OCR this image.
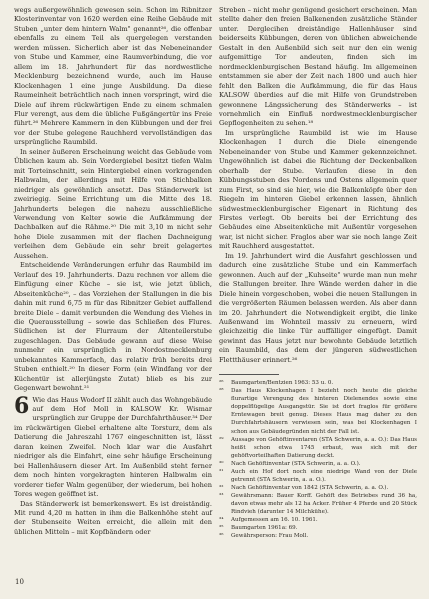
wegs außergewöhnlich gewesen sein. Schon im Ribnitzer Klosterinventar von 1620 werden eine Reihe Gebäude mit Stuben „unter dem hintern Walm" genannt²⁶, die offenbar ebenfalls zu einem Teil als quergelegen verstanden werden müssen. Sicherlich aber ist das Nebeneinander von Stube und Kammer, eine Raumverbindung, die vor allem im 18. Jahrhundert für das nordwestliche Mecklenburg bezeichnend wurde, auch im Hause Klockenhagen 1 eine junge Ausbildung. Da diese Raumeinheit beträchtlich nach innen vorspringt, wird die Diele auf ihrem rückwärtigen Ende zu einem schmalen Flur verengt, aus dem die übliche Fußgängertür ins Freie führt.²⁶ Mehrere Kammern in den Kübbungen und der frei vor der Stube gelegene Rauchherd vervollständigen das ursprüngliche Raumbild.

In seiner äußeren Erscheinung weicht das Gebäude vom Üblichen kaum ab. Sein Vordergiebel besitzt tiefen Walm mit Torteinschnitt, sein Hintergiebel einen vorkragenden Halbwalm, der allerdings mit Hilfe von Stichbalken niedriger als gewöhnlich ansetzt. Das Ständerwerk ist zweiriegig. Seine Errichtung um die Mitte des 18. Jahrhunderts belegen die nahezu ausschließliche Verwendung von Kelter sowie die Aufkämmung der Dachbalken auf die Rähme.²⁰ Die mit 3,10 m nicht sehr hohe Diele zusammen mit der flachen Dachneigung verleihen dem Gebäude ein sehr breit gelagertes Aussehen.

Entscheidende Veränderungen erfuhr das Raumbild im Verlauf des 19. Jahrhunderts. Dazu rechnen vor allem die Einfügung einer Küche – sie ist, wie jetzt üblich, Abseitenküche²⁰, – das Vorziehen der Stallungen in die bis dahin mit rund 6,75 m für das Ribnitzer Gebiet auffallend breite Diele – damit verbunden die Wendung des Viehes in die Querausstellung – sowie das Schließen des Flures. Südlichen ist der Flurraum der Altenteilerstube zugeschlagen. Das Gebäude gewann auf diese Weise nunmehr ein ursprünglich in Nordostmecklenburg unbekanntes Kammerfach, das relativ früh bereits drei Stuben enthielt.²⁰ In dieser Form (ein Windfang vor der Küchentür ist allerjüngste Zutat) blieb es bis zur Gegenwart bewohnt.²¹

6 Wie das Haus Wodorf II zählt auch das Wohngebäude auf dem Hof Moll in KALSOW Kr. Wismar ursprünglich zur Gruppe der Durchfahrthäuser.³⁴ Der im rückwärtigen Giebel erhaltene alte Torsturz, dem als Datierung die Jahreszahl 1767 eingeschnitten ist, lässt daran keinen Zweifel. Noch klar war die Ausfahrt niedriger als die Einfahrt, eine sehr häufige Erscheinung bei Hallenhäusern dieser Art. Im Außenbild steht ferner dem noch hinten vorgekragten hinteren Halbwalm ein vorderer tiefer Walm gegenüber, der wiederum, bei hohen Tores wegen geöffnet ist.

Das Ständerwerk ist bemerkenswert. Es ist dreiständig. Mit rund 4,20 m hatten in ihm die Balkenhöhe steht auf der Stubenseite Weiten erreicht, die allein mit den üblichen Mitteln – mit Kopfbändern oder

Streben – nicht mehr genügend gesichert erscheinen. Man stellte daher den freien Balkenenden zusätzliche Ständer unter. Derglecihen dreiständige Hallenhäuser sind beiderseits Kübbungen, deren von üblichen abweichende Gestalt in den Außenbild sich seit nur den ein wenig aufgemittige Tor andeuten, finden sich im nordmecklenburgischen Bestand häufig. Im allgemeinen entstammen sie aber der Zeit nach 1800 und auch hier fehlt den Balken die Aufkämmung, die für das Haus KALSOW überdies auf die mit Hilfe von Grundstreben gewonnene Längssicherung des Ständerwerks – ist vornehmlich ein Einfluß nordwestmecklenburgischer Gepflogenheiten zu sehen.¹⁸

Im ursprüngliche Raumbild ist wie im Hause Klockenhagen I durch die Diele einengende Nebeneinander von Stube und Kammer gekennzeichnet. Ungewöhnlich ist dabei die Richtung der Deckenbalken oberhalb der Stube. Verlaufen diese in den Kübbungsstuben des Nordens und Ostens allgemein quer zum First, so sind sie hier, wie die Balkenköpfe über den Riegeln im hinteren Giebel erkennen lassen, ähnlich südwestmecklenburgischer Eigenart in Richtung des Firstes verlegt. Ob bereits bei der Errichtung des Gebäudes eine Abseitenküche mit Außentür vorgesehen war, ist nicht sicher. Fraglos aber war sie noch lange Zeit mit Rauchherd ausgestattet.

Im 19. Jahrhundert wird die Ausfahrt geschlossen und dadurch eine zusätzliche Stube und ein Kammerfach gewonnen. Auch auf der „Kuhseite" wurde man nun mehr die Stallungen breiter. Ihre Wände werden daher in die Diele hinein vorgeschoben, wobei die neuen Stallungen in die vergrößerten Räumen belassen werden. Als aber dann im 20. Jahrhundert die Notwendigkeit ergibt, die linke Außenwand im Wohnteil massiv zu erneuern, wird gleichzeitig die linke Tür auffälliger eingefügt. Damit gewinnt das Haus jetzt nur bewohnte Gebäude letztlich ein Raumbild, das dem der jüngeren südwestlichen Flettthäuser erinnert.²⁶

²⁶ Baumgarten/Bentzien 1963: 53 u. 0.
²⁸ Das Haus Klockenhagen I bezieht noch heute die gleiche flurartige Verengung des hinteren Dielenendes sowie eine doppelflügelige Ausgangstür. Sie ist dort fraglos für größere Erntewagen breit genug. Dieses Haus mag daher zu den Durchfahrtshäusern verwiesen sein, was bei Klockenhagen I schon aus Gebäudegründen nicht der Fall ist.
²⁹ Aussage von Gehöftinventaren (STA Schwerin, a. a. O.): Das Haus heißt schon etwa 1745 erbaut, was sich mit der gehöftvorteilhaften Datierung deckt.
³⁰ Nach Gehöftinventar (STA Schwerin, a. a. O.).
³¹ Auch ein Hof dort noch eine niedrige Wand von der Diele getrennt (STA Schwerin, a. a. O.).
³² Nach Gehöftinventar von 1842 (STA Schwerin, a. a. O.).
³³ Gewährsmann: Bauer Korff. Gehöft des Betriebes rund 36 ha, davon etwas mehr als 12 ha Acker. Früher 4 Pferde und 20 Stück Rindvieh (darunter 14 Milchkühe).
³⁴ Aufgemessen am 16. 10. 1961.
³⁵ Baumgarten 1961a: 69.
³⁶ Gewährsperson: Frau Moll.
10
